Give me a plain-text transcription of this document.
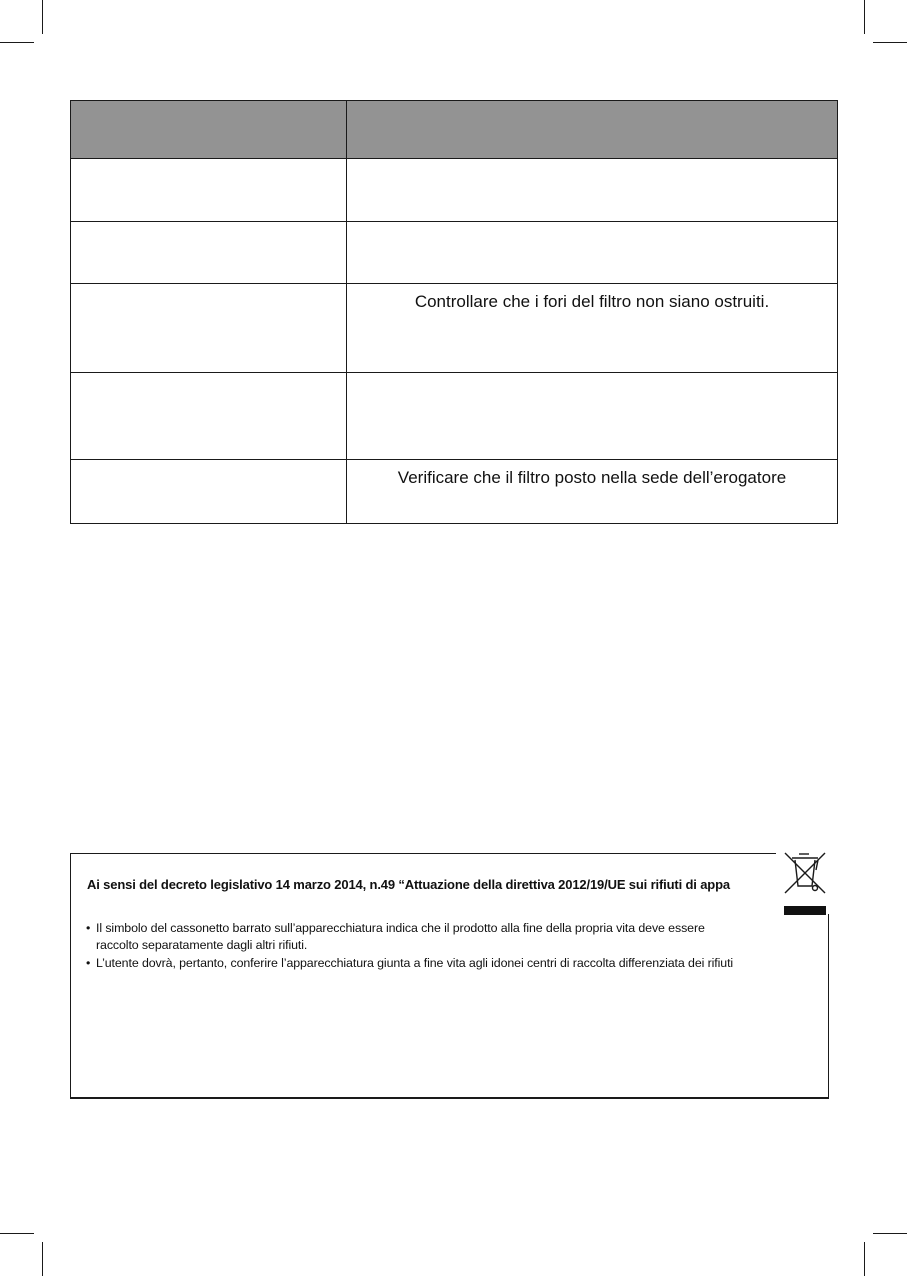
	Controllare che i fori del filtro non siano ostruiti.

	Verificare che il filtro posto nella sede dell’erogatore
Ai sensi del decreto legislativo 14 marzo 2014, n.49 “Attuazione della direttiva 2012/19/UE sui rifiuti di appa
• Il simbolo del cassonetto barrato sull’apparecchiatura indica che il prodotto alla fine della propria vita deve essere
raccolto separatamente dagli altri rifiuti.
• L’utente dovrà, pertanto, conferire l’apparecchiatura giunta a fine vita agli idonei centri di raccolta differenziata dei rifiuti
